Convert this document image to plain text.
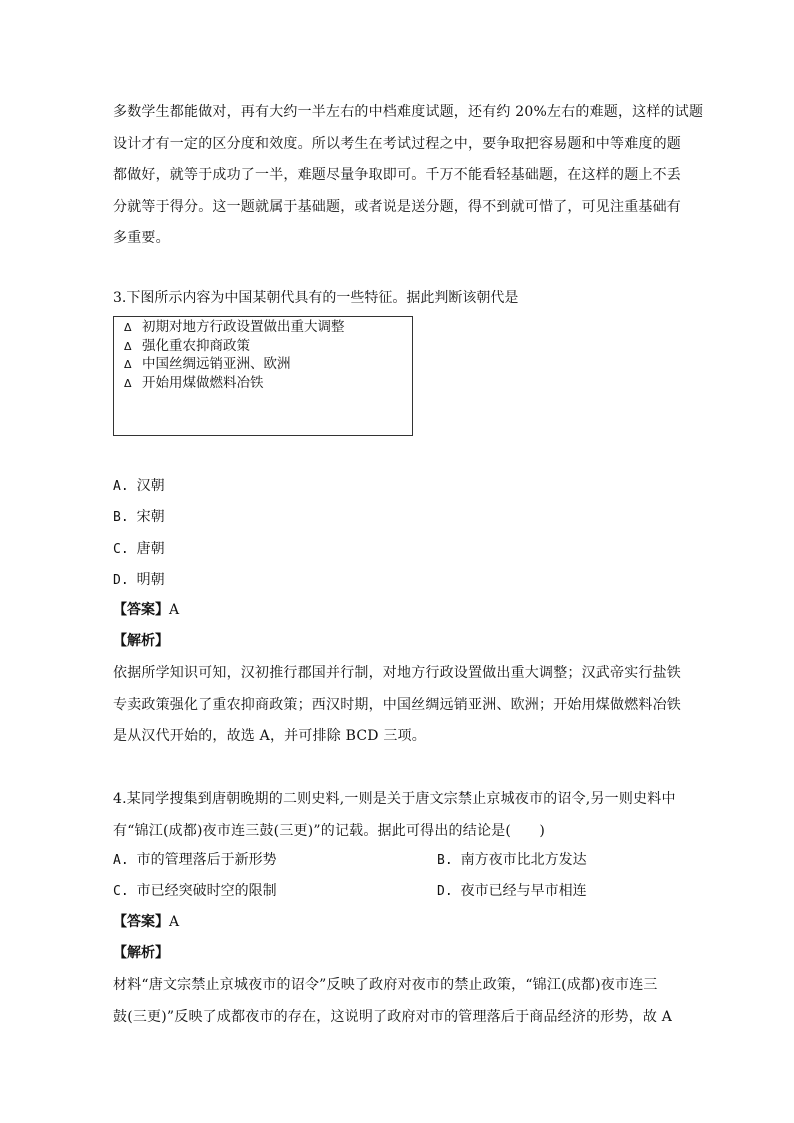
多数学生都能做对，再有大约一半左右的中档难度试题，还有约 20%左右的难题，这样的试题
设计才有一定的区分度和效度。所以考生在考试过程之中，要争取把容易题和中等难度的题
都做好，就等于成功了一半，难题尽量争取即可。千万不能看轻基础题，在这样的题上不丢
分就等于得分。这一题就属于基础题，或者说是送分题，得不到就可惜了，可见注重基础有
多重要。
3.下图所示内容为中国某朝代具有的一些特征。据此判断该朝代是
Δ 初期对地方行政设置做出重大调整
Δ 强化重农抑商政策
Δ 中国丝绸远销亚洲、欧洲
Δ 开始用煤做燃料冶铁
A. 汉朝
B. 宋朝
C. 唐朝
D. 明朝
【答案】A
【解析】
依据所学知识可知，汉初推行郡国并行制，对地方行政设置做出重大调整；汉武帝实行盐铁
专卖政策强化了重农抑商政策；西汉时期，中国丝绸远销亚洲、欧洲；开始用煤做燃料冶铁
是从汉代开始的，故选 A，并可排除 BCD 三项。
4.某同学搜集到唐朝晚期的二则史料,一则是关于唐文宗禁止京城夜市的诏令,另一则史料中
有“锦江(成都)夜市连三鼓(三更)”的记载。据此可得出的结论是(　　)
A. 市的管理落后于新形势	B. 南方夜市比北方发达
C. 市已经突破时空的限制	D. 夜市已经与早市相连
【答案】A
【解析】
材料“唐文宗禁止京城夜市的诏令”反映了政府对夜市的禁止政策，“锦江(成都)夜市连三
鼓(三更)”反映了成都夜市的存在，这说明了政府对市的管理落后于商品经济的形势，故 A
